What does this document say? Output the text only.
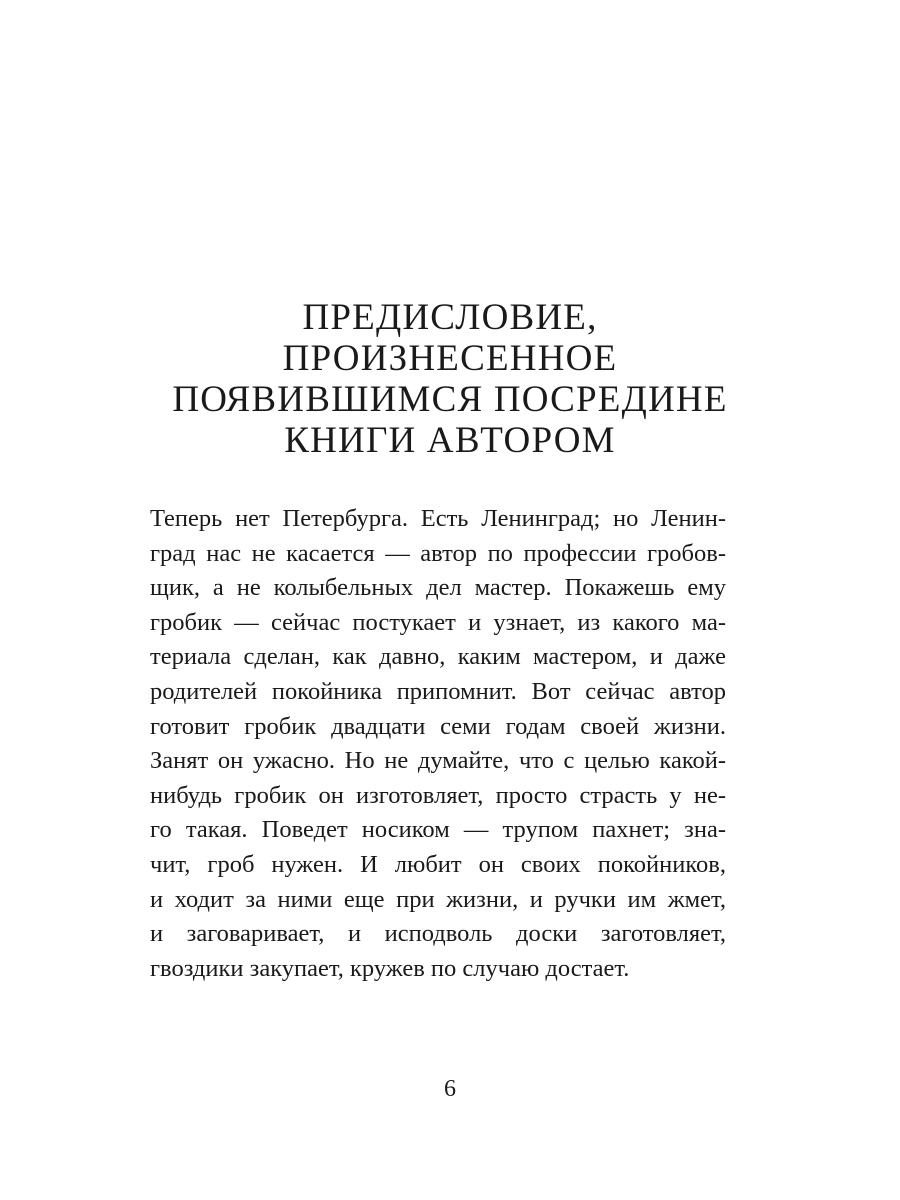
ПРЕДИСЛОВИЕ,
ПРОИЗНЕСЕННОЕ
ПОЯВИВШИМСЯ ПОСРЕДИНЕ
КНИГИ АВТОРОМ
Теперь нет Петербурга. Есть Ленинград; но Ленин-
град нас не касается — автор по профессии гробов-
щик, а не колыбельных дел мастер. Покажешь ему
гробик — сейчас постукает и узнает, из какого ма-
териала сделан, как давно, каким мастером, и даже
родителей покойника припомнит. Вот сейчас автор
готовит гробик двадцати семи годам своей жизни.
Занят он ужасно. Но не думайте, что с целью какой-
нибудь гробик он изготовляет, просто страсть у не-
го такая. Поведет носиком — трупом пахнет; зна-
чит, гроб нужен. И любит он своих покойников,
и ходит за ними еще при жизни, и ручки им жмет,
и заговаривает, и исподволь доски заготовляет,
гвоздики закупает, кружев по случаю достает.
6
